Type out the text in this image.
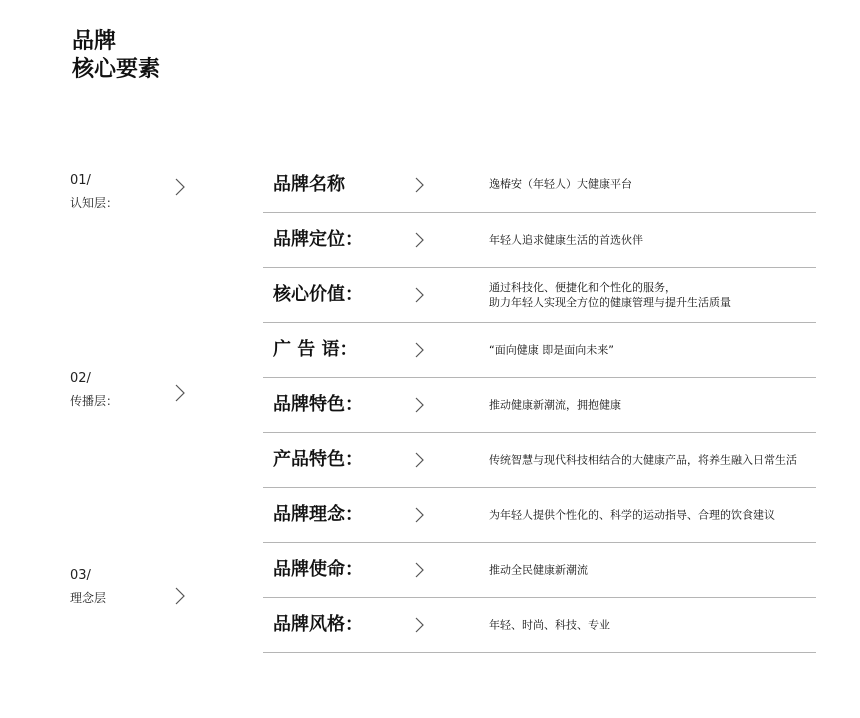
品牌
核心要素
01/
认知层：
02/
传播层：
03/
理念层
品牌名称	逸椿安（年轻人）大健康平台
品牌定位：	年轻人追求健康生活的首选伙伴
核心价值：	通过科技化、便捷化和个性化的服务，
助力年轻人实现全方位的健康管理与提升生活质量
广 告 语：	“面向健康 即是面向未来”
品牌特色：	推动健康新潮流，拥抱健康
产品特色：	传统智慧与现代科技相结合的大健康产品，将养生融入日常生活
品牌理念：	为年轻人提供个性化的、科学的运动指导、合理的饮食建议
品牌使命：	推动全民健康新潮流
品牌风格：	年轻、时尚、科技、专业
